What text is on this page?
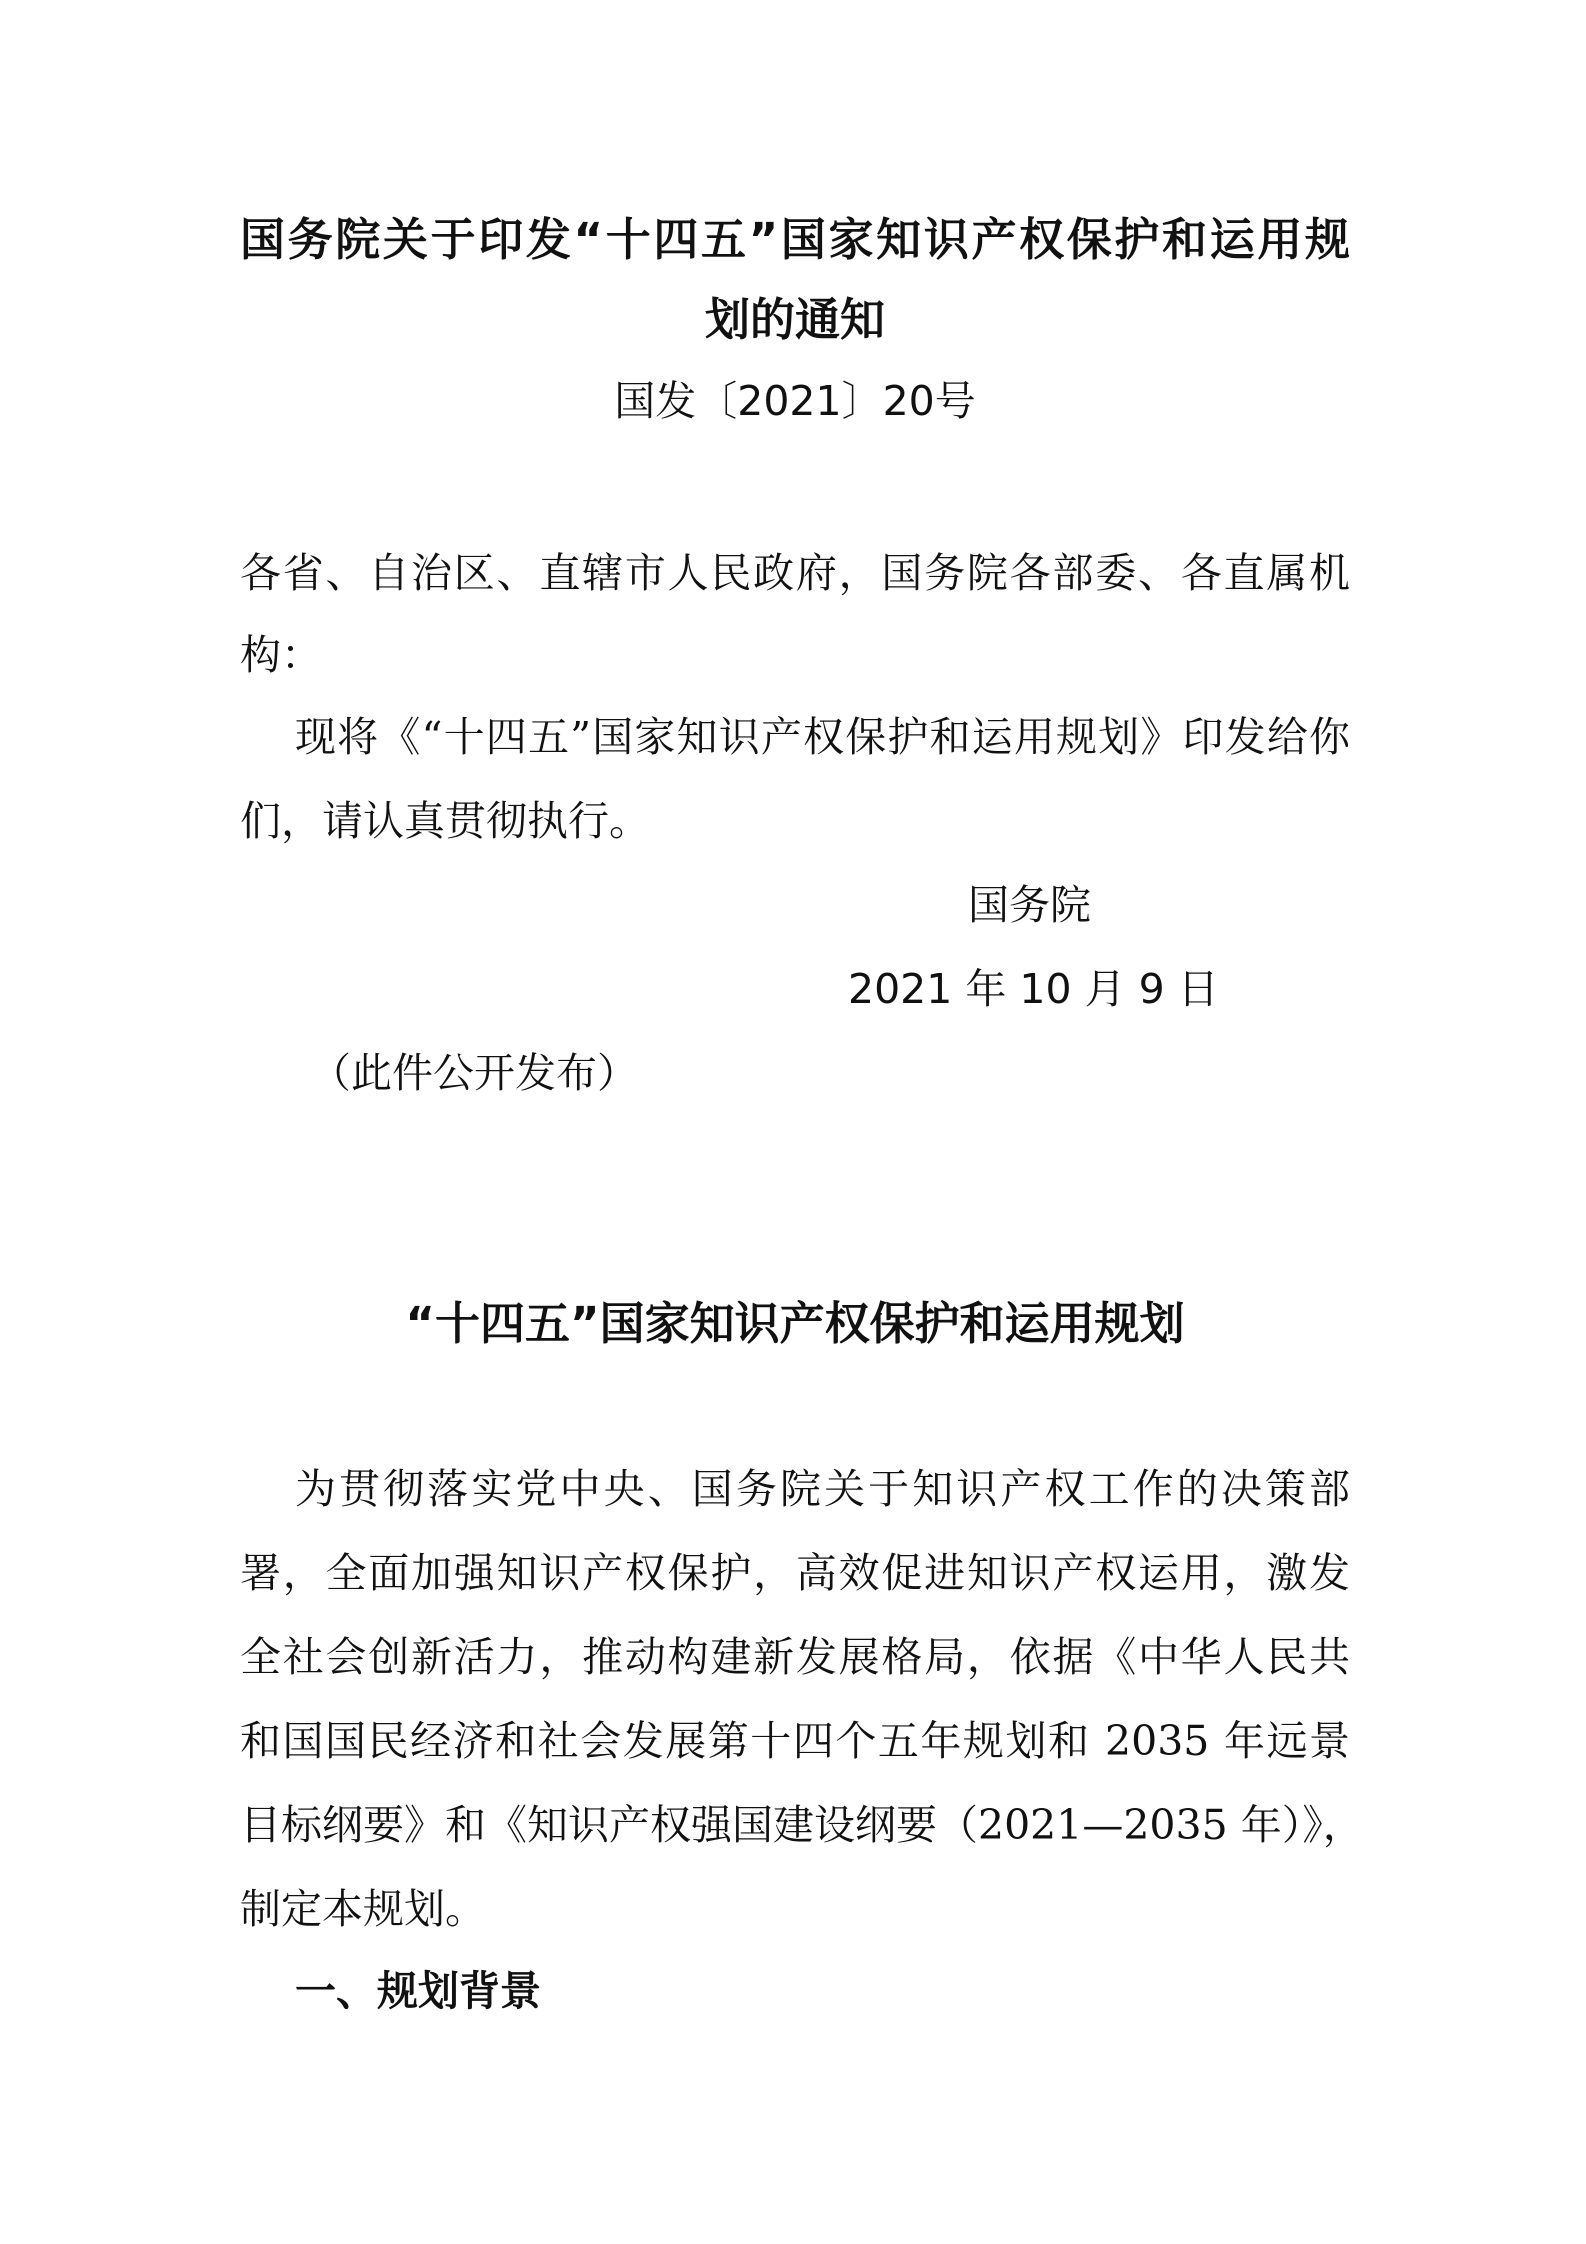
国务院关于印发“十四五”国家知识产权保护和运用规
划的通知
国发〔2021〕20号
各省、自治区、直辖市人民政府，国务院各部委、各直属机
构：
现将《“十四五”国家知识产权保护和运用规划》印发给你
们，请认真贯彻执行。
国务院
2021 年 10 月 9 日
（此件公开发布）
“十四五”国家知识产权保护和运用规划
为贯彻落实党中央、国务院关于知识产权工作的决策部
署，全面加强知识产权保护，高效促进知识产权运用，激发
全社会创新活力，推动构建新发展格局，依据《中华人民共
和国国民经济和社会发展第十四个五年规划和 2035 年远景
目标纲要》和《知识产权强国建设纲要（2021—2035 年）》，
制定本规划。
一、规划背景
